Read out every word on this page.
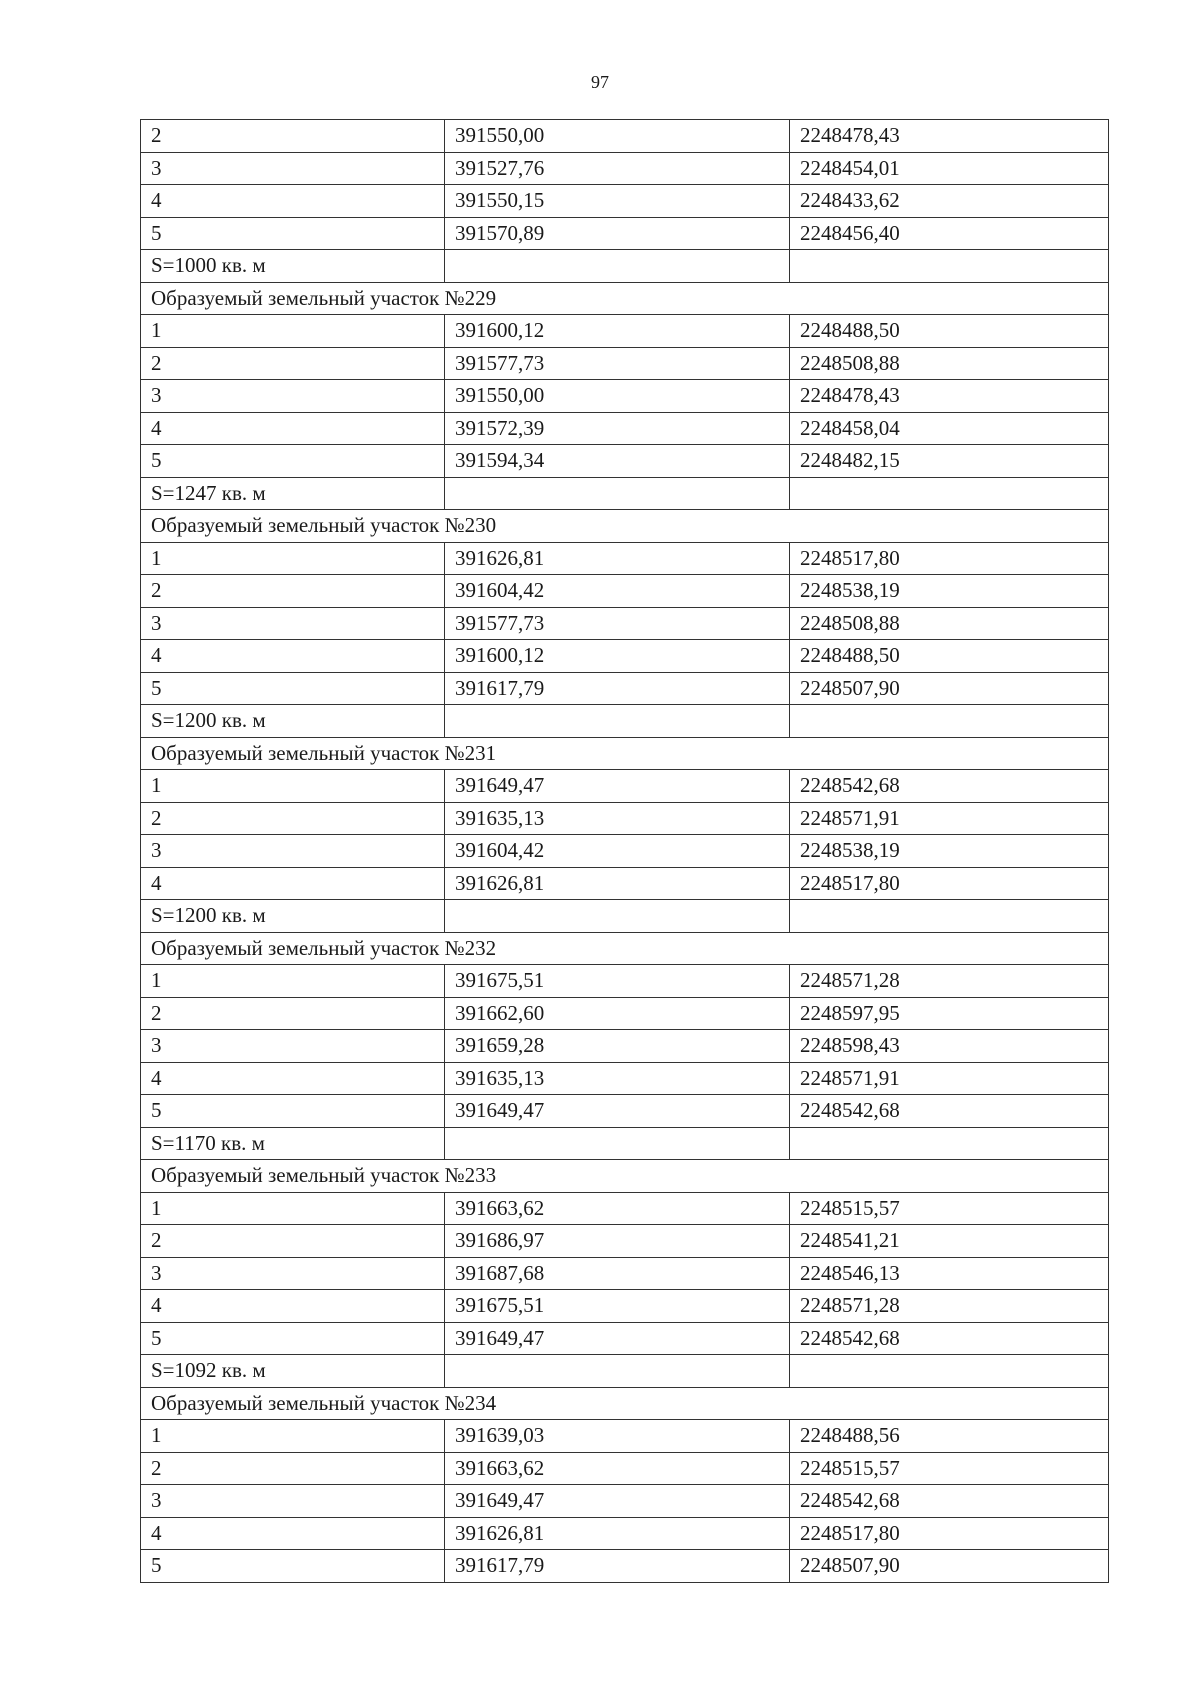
97
2	391550,00	2248478,43
3	391527,76	2248454,01
4	391550,15	2248433,62
5	391570,89	2248456,40
S=1000 кв. м		
Образуемый земельный участок №229		
1	391600,12	2248488,50
2	391577,73	2248508,88
3	391550,00	2248478,43
4	391572,39	2248458,04
5	391594,34	2248482,15
S=1247 кв. м		
Образуемый земельный участок №230		
1	391626,81	2248517,80
2	391604,42	2248538,19
3	391577,73	2248508,88
4	391600,12	2248488,50
5	391617,79	2248507,90
S=1200 кв. м		
Образуемый земельный участок №231		
1	391649,47	2248542,68
2	391635,13	2248571,91
3	391604,42	2248538,19
4	391626,81	2248517,80
S=1200 кв. м		
Образуемый земельный участок №232		
1	391675,51	2248571,28
2	391662,60	2248597,95
3	391659,28	2248598,43
4	391635,13	2248571,91
5	391649,47	2248542,68
S=1170 кв. м		
Образуемый земельный участок №233		
1	391663,62	2248515,57
2	391686,97	2248541,21
3	391687,68	2248546,13
4	391675,51	2248571,28
5	391649,47	2248542,68
S=1092 кв. м		
Образуемый земельный участок №234		
1	391639,03	2248488,56
2	391663,62	2248515,57
3	391649,47	2248542,68
4	391626,81	2248517,80
5	391617,79	2248507,90
